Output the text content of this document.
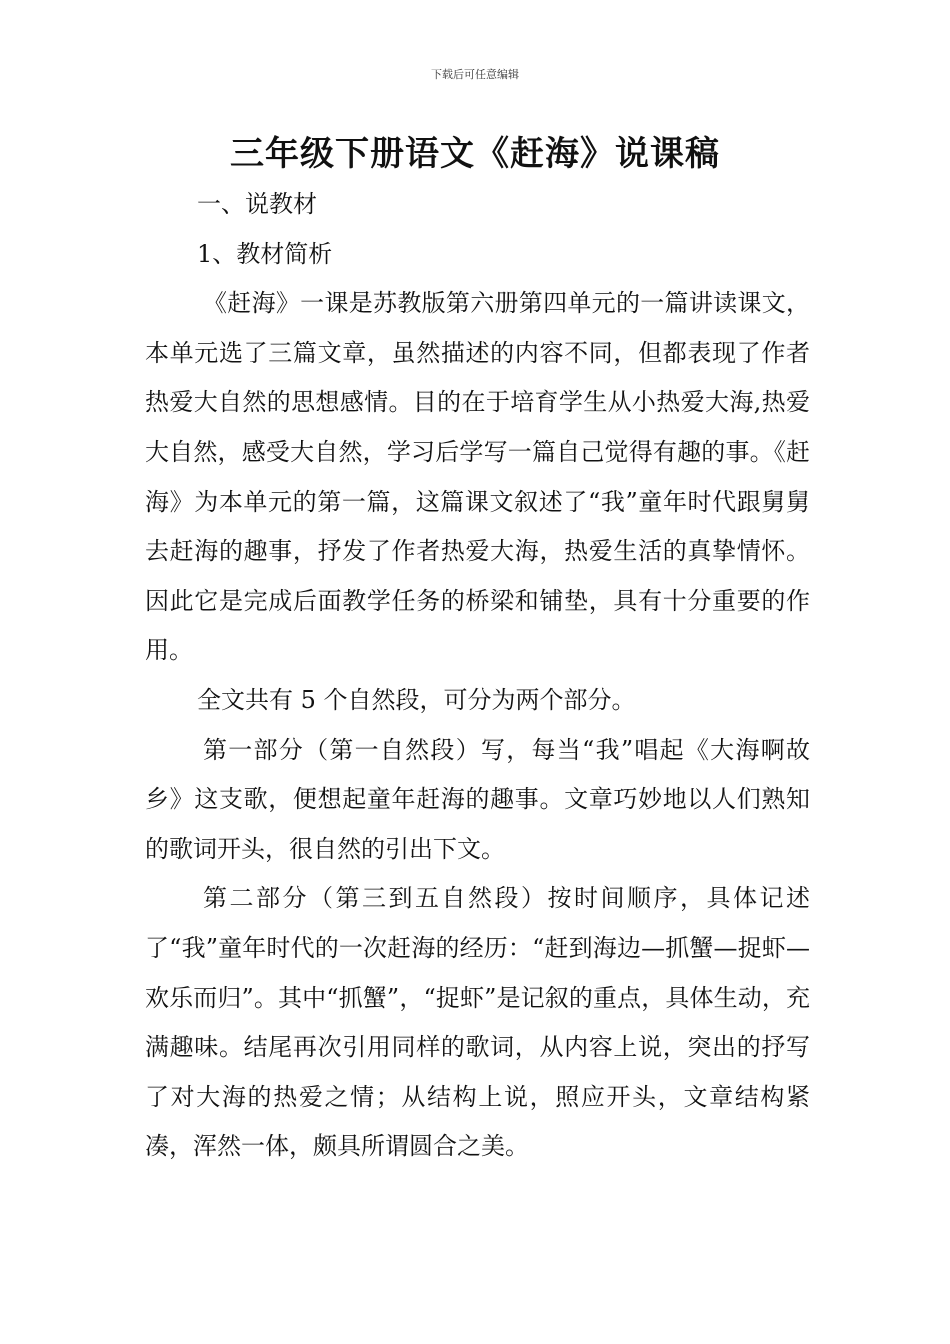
下载后可任意编辑
三年级下册语文《赶海》说课稿

一、说教材

1、教材简析

《赶海》一课是苏教版第六册第四单元的一篇讲读课文，本单元选了三篇文章，虽然描述的内容不同，但都表现了作者热爱大自然的思想感情。目的在于培育学生从小热爱大海,热爱大自然，感受大自然，学习后学写一篇自己觉得有趣的事。《赶海》为本单元的第一篇，这篇课文叙述了“我”童年时代跟舅舅去赶海的趣事，抒发了作者热爱大海，热爱生活的真挚情怀。因此它是完成后面教学任务的桥梁和铺垫，具有十分重要的作用。

全文共有 5 个自然段，可分为两个部分。

第一部分（第一自然段）写，每当“我”唱起《大海啊故乡》这支歌，便想起童年赶海的趣事。文章巧妙地以人们熟知的歌词开头，很自然的引出下文。

第二部分（第三到五自然段）按时间顺序，具体记述了“我”童年时代的一次赶海的经历：“赶到海边—抓蟹—捉虾—欢乐而归”。其中“抓蟹”，“捉虾”是记叙的重点，具体生动，充满趣味。结尾再次引用同样的歌词，从内容上说，突出的抒写了对大海的热爱之情；从结构上说，照应开头，文章结构紧凑，浑然一体，颇具所谓圆合之美。
